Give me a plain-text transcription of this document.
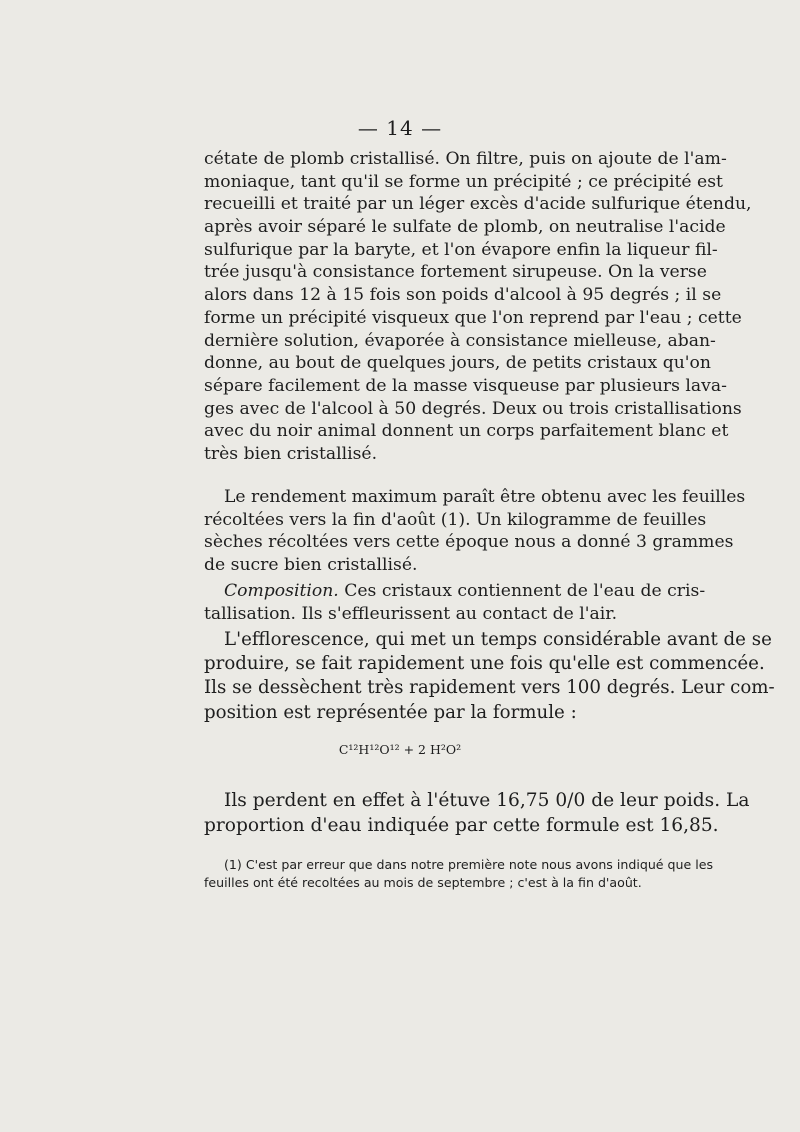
— 14 —
cétate de plomb cristallisé. On filtre, puis on ajoute de l'am-
moniaque, tant qu'il se forme un précipité ; ce précipité est
recueilli et traité par un léger excès d'acide sulfurique étendu,
après avoir séparé le sulfate de plomb, on neutralise l'acide
sulfurique par la baryte, et l'on évapore enfin la liqueur fil-
trée jusqu'à consistance fortement sirupeuse. On la verse
alors dans 12 à 15 fois son poids d'alcool à 95 degrés ; il se
forme un précipité visqueux que l'on reprend par l'eau ; cette
dernière solution, évaporée à consistance mielleuse, aban-
donne, au bout de quelques jours, de petits cristaux qu'on
sépare facilement de la masse visqueuse par plusieurs lava-
ges avec de l'alcool à 50 degrés. Deux ou trois cristallisations
avec du noir animal donnent un corps parfaitement blanc et
très bien cristallisé.
Le rendement maximum paraît être obtenu avec les feuilles
récoltées vers la fin d'août (1). Un kilogramme de feuilles
sèches récoltées vers cette époque nous a donné 3 grammes
de sucre bien cristallisé.
Composition. Ces cristaux contiennent de l'eau de cris-
tallisation. Ils s'effleurissent au contact de l'air.
L'efflorescence, qui met un temps considérable avant de se
produire, se fait rapidement une fois qu'elle est commencée.
Ils se dessèchent très rapidement vers 100 degrés. Leur com-
position est représentée par la formule :
C¹²H¹²O¹² + 2 H²O²
Ils perdent en effet à l'étuve 16,75 0/0 de leur poids. La
proportion d'eau indiquée par cette formule est 16,85.
(1) C'est par erreur que dans notre première note nous avons indiqué que les
feuilles ont été recoltées au mois de septembre ; c'est à la fin d'août.
